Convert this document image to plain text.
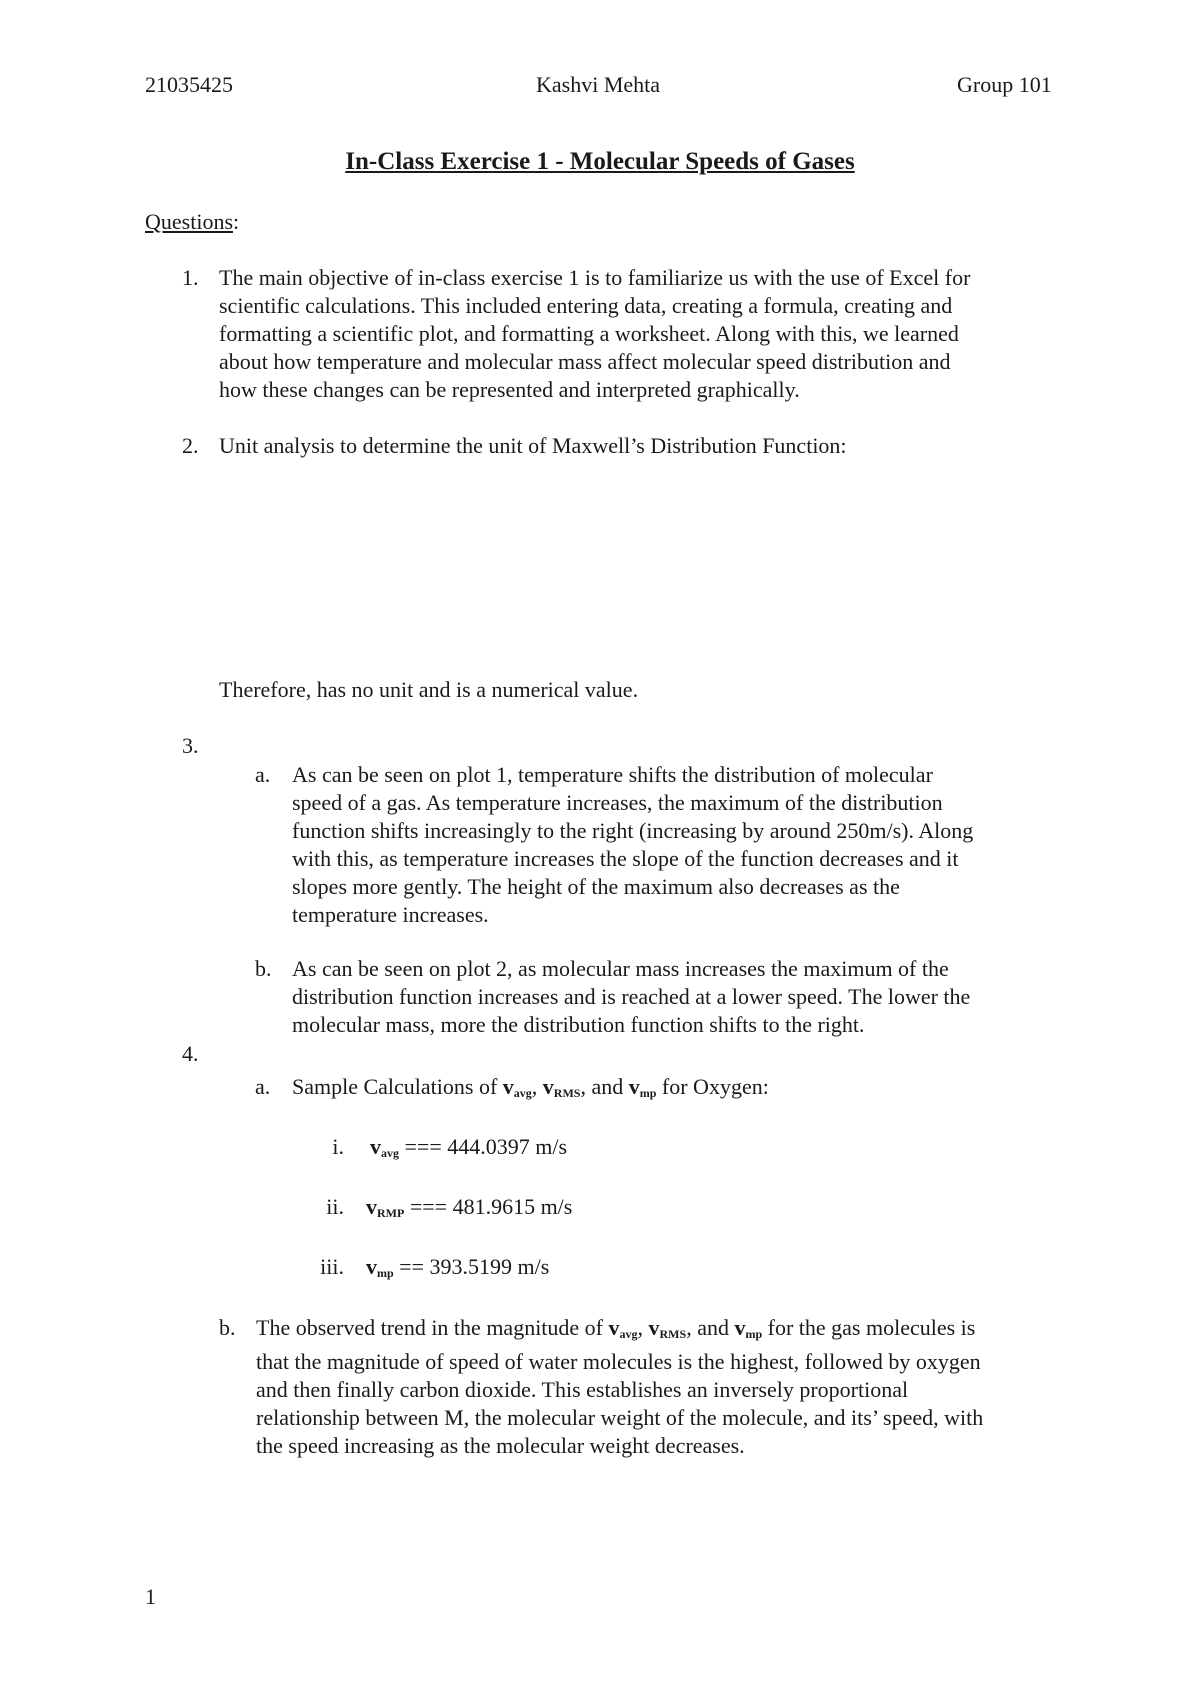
21035425	Kashvi Mehta	Group 101
In-Class Exercise 1 - Molecular Speeds of Gases
Questions:
1. The main objective of in-class exercise 1 is to familiarize us with the use of Excel for
scientific calculations. This included entering data, creating a formula, creating and
formatting a scientific plot, and formatting a worksheet. Along with this, we learned
about how temperature and molecular mass affect molecular speed distribution and
how these changes can be represented and interpreted graphically.
2. Unit analysis to determine the unit of Maxwell’s Distribution Function:
Therefore, has no unit and is a numerical value.
3.
a. As can be seen on plot 1, temperature shifts the distribution of molecular
speed of a gas. As temperature increases, the maximum of the distribution
function shifts increasingly to the right (increasing by around 250m/s). Along
with this, as temperature increases the slope of the function decreases and it
slopes more gently. The height of the maximum also decreases as the
temperature increases.
b. As can be seen on plot 2, as molecular mass increases the maximum of the
distribution function increases and is reached at a lower speed. The lower the
molecular mass, more the distribution function shifts to the right.
4.
a. Sample Calculations of $v_{avg}$, $v_{RMS}$, and $v_{mp}$ for Oxygen:
i. $v_{avg}$ === 444.0397 m/s
ii. $v_{RMP}$ === 481.9615 m/s
iii. $v_{mp} == 393.5199$ m/s
b. The observed trend in the magnitude of $v_{avg}$, $v_{RMS}$, and $v_{mp}$ for the gas molecules is
that the magnitude of speed of water molecules is the highest, followed by oxygen
and then finally carbon dioxide. This establishes an inversely proportional
relationship between M, the molecular weight of the molecule, and its’ speed, with
the speed increasing as the molecular weight decreases.
1
